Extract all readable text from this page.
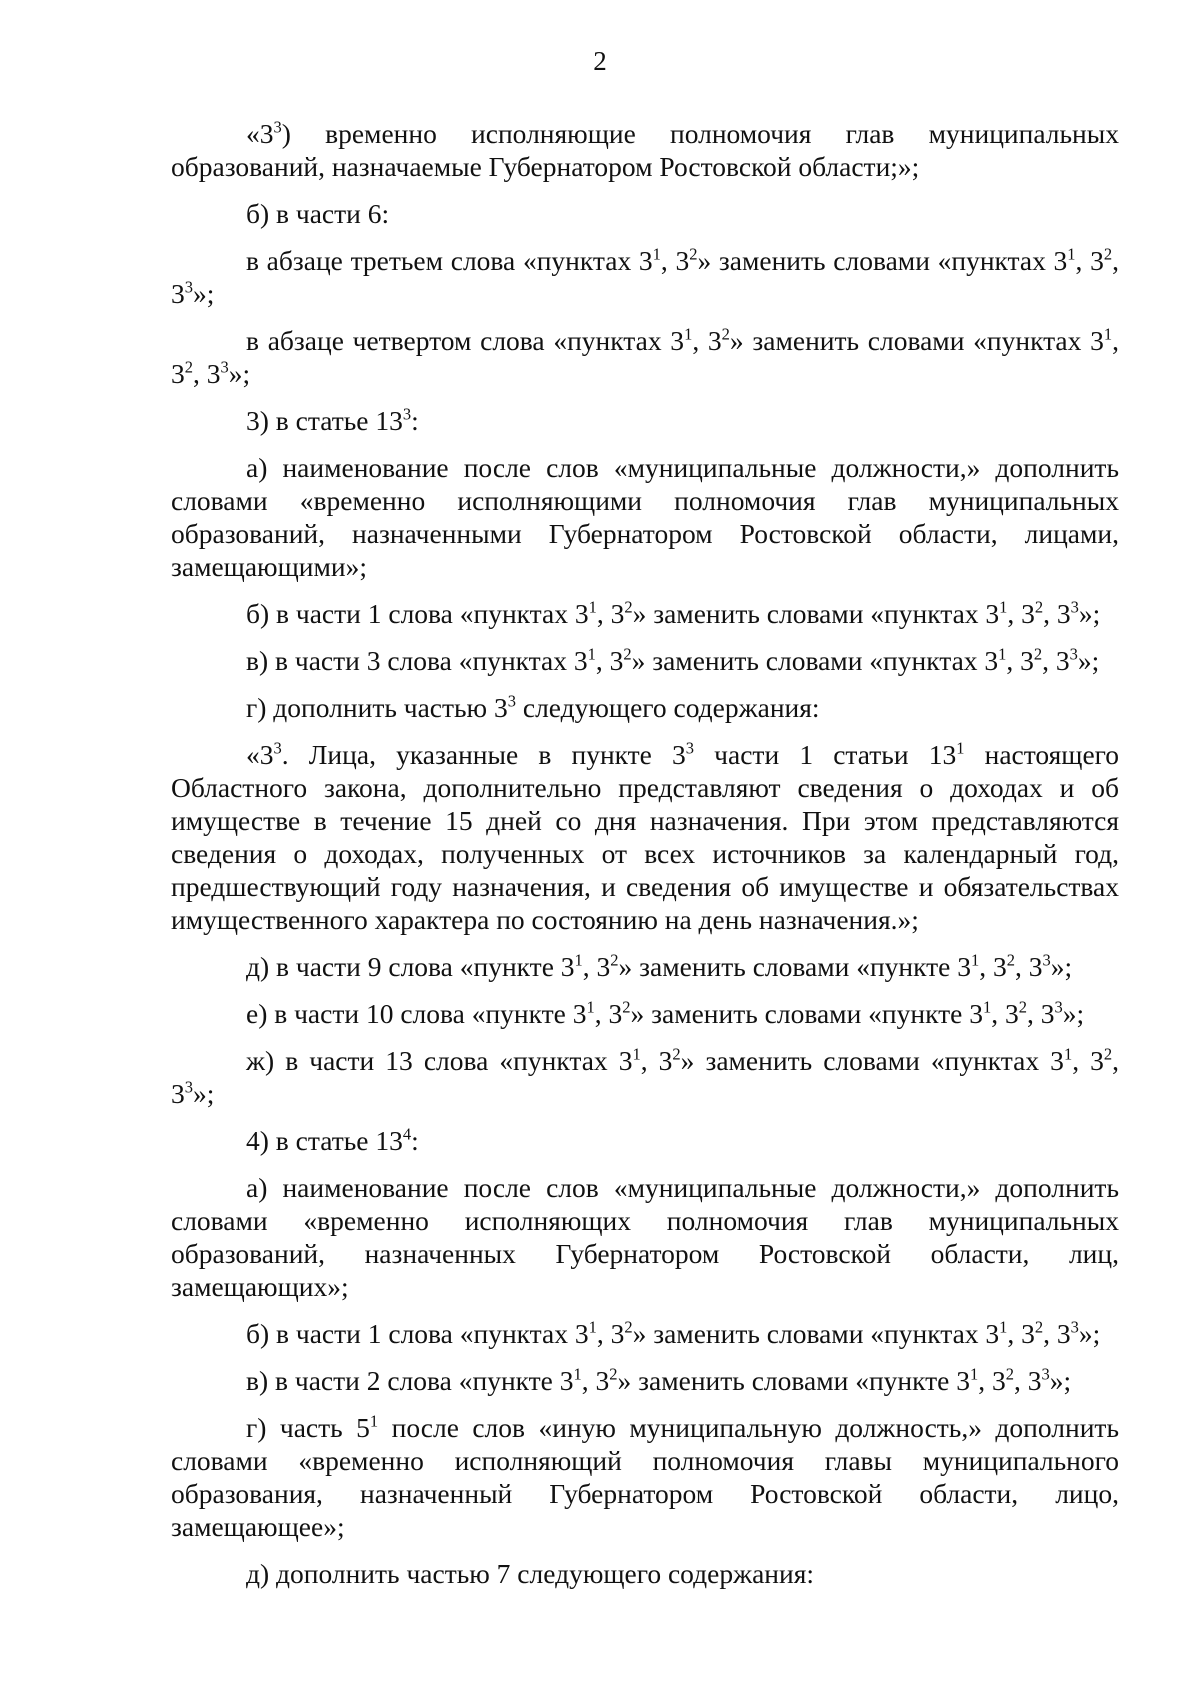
2

«$3^3$) временно исполняющие полномочия глав муниципальных образований, назначаемые Губернатором Ростовской области;»;

б) в части 6:

в абзаце третьем слова «пунктах $3^1$, $3^2$» заменить словами «пунктах $3^1$, $3^2$, $3^3$»;

в абзаце четвертом слова «пунктах $3^1$, $3^2$» заменить словами «пунктах $3^1$, $3^2$, $3^3$»;

3) в статье $13^3$:

а) наименование после слов «муниципальные должности,» дополнить словами «временно исполняющими полномочия глав муниципальных образований, назначенными Губернатором Ростовской области, лицами, замещающими»;

б) в части 1 слова «пунктах $3^1$, $3^2$» заменить словами «пунктах $3^1$, $3^2$, $3^3$»;

в) в части 3 слова «пунктах $3^1$, $3^2$» заменить словами «пунктах $3^1$, $3^2$, $3^3$»;

г) дополнить частью $3^3$ следующего содержания:

«$3^3$. Лица, указанные в пункте $3^3$ части 1 статьи $13^1$ настоящего Областного закона, дополнительно представляют сведения о доходах и об имуществе в течение 15 дней со дня назначения. При этом представляются сведения о доходах, полученных от всех источников за календарный год, предшествующий году назначения, и сведения об имуществе и обязательствах имущественного характера по состоянию на день назначения.»;

д) в части 9 слова «пункте $3^1$, $3^2$» заменить словами «пункте $3^1$, $3^2$, $3^3$»;

е) в части 10 слова «пункте $3^1$, $3^2$» заменить словами «пункте $3^1$, $3^2$, $3^3$»;

ж) в части 13 слова «пунктах $3^1$, $3^2$» заменить словами «пунктах $3^1$, $3^2$, $3^3$»;

4) в статье $13^4$:

а) наименование после слов «муниципальные должности,» дополнить словами «временно исполняющих полномочия глав муниципальных образований, назначенных Губернатором Ростовской области, лиц, замещающих»;

б) в части 1 слова «пунктах $3^1$, $3^2$» заменить словами «пунктах $3^1$, $3^2$, $3^3$»;

в) в части 2 слова «пункте $3^1$, $3^2$» заменить словами «пункте $3^1$, $3^2$, $3^3$»;

г) часть $5^1$ после слов «иную муниципальную должность,» дополнить словами «временно исполняющий полномочия главы муниципального образования, назначенный Губернатором Ростовской области, лицо, замещающее»;

д) дополнить частью 7 следующего содержания:
